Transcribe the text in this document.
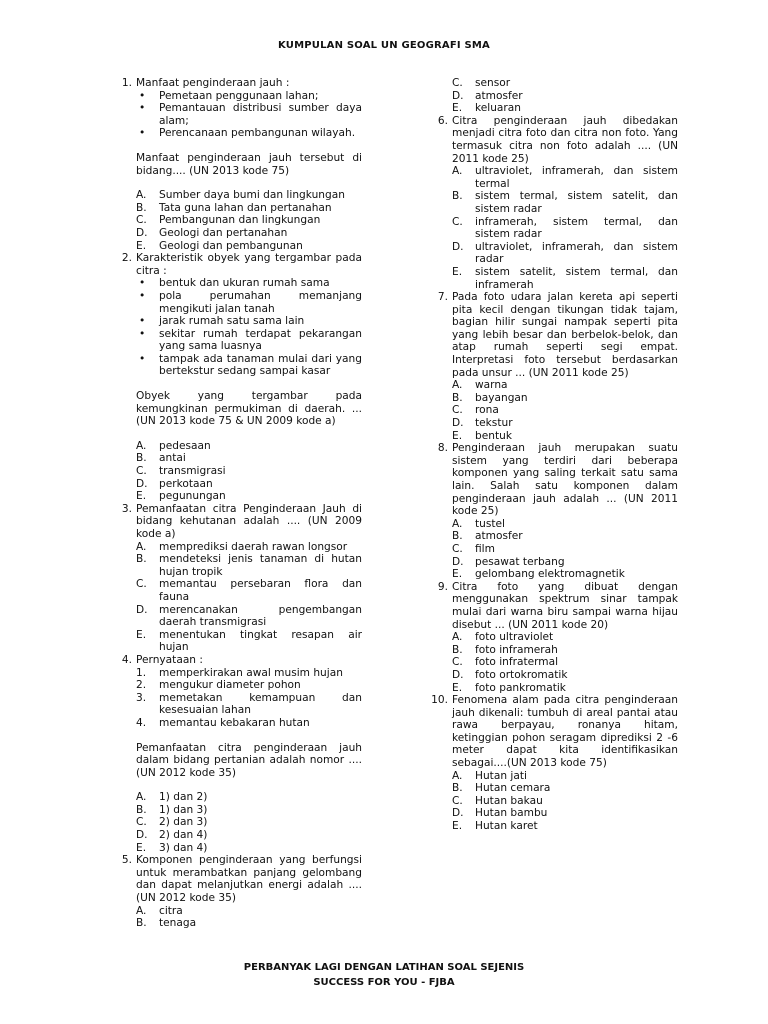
KUMPULAN SOAL UN GEOGRAFI SMA
1. Manfaat penginderaan jauh :
•	Pemetaan penggunaan lahan;
•	Pemantauan distribusi sumber daya alam;
•	Perencanaan pembangunan wilayah.
Manfaat penginderaan jauh tersebut di bidang.... (UN 2013 kode 75)
A.	Sumber daya bumi dan lingkungan
B.	Tata guna lahan dan pertanahan
C.	Pembangunan dan lingkungan
D.	Geologi dan pertanahan
E.	Geologi dan pembangunan
2. Karakteristik obyek yang tergambar pada citra :
•	bentuk dan ukuran rumah sama
•	pola perumahan memanjang mengikuti jalan tanah
•	jarak rumah satu sama lain
•	sekitar rumah terdapat pekarangan yang sama luasnya
•	tampak ada tanaman mulai dari yang bertekstur sedang sampai kasar
Obyek yang tergambar pada kemungkinan permukiman di daerah. ... (UN 2013 kode 75 & UN 2009 kode a)
A.	pedesaan
B.	antai
C.	transmigrasi
D.	perkotaan
E.	pegunungan
3. Pemanfaatan citra Penginderaan Jauh di bidang kehutanan adalah .... (UN 2009 kode a)
A.	memprediksi daerah rawan longsor
B.	mendeteksi jenis tanaman di hutan hujan tropik
C.	memantau persebaran flora dan fauna
D.	merencanakan pengembangan daerah transmigrasi
E.	menentukan tingkat resapan air hujan
4. Pernyataan :
1.	memperkirakan awal musim hujan
2.	mengukur diameter pohon
3.	memetakan kemampuan dan kesesuaian lahan
4.	memantau kebakaran hutan
Pemanfaatan citra penginderaan jauh dalam bidang pertanian adalah nomor .... (UN 2012 kode 35)
A.	1) dan 2)
B.	1) dan 3)
C.	2) dan 3)
D.	2) dan 4)
E.	3) dan 4)
5. Komponen penginderaan yang berfungsi untuk merambatkan panjang gelombang dan dapat melanjutkan energi adalah ....(UN 2012 kode 35)
A.	citra
B.	tenaga
C.	sensor
D.	atmosfer
E.	keluaran
6. Citra penginderaan jauh dibedakan menjadi citra foto dan citra non foto. Yang termasuk citra non foto adalah .... (UN 2011 kode 25)
A.	ultraviolet, inframerah, dan sistem termal
B.	sistem termal, sistem satelit, dan sistem radar
C.	inframerah, sistem termal, dan sistem radar
D.	ultraviolet, inframerah, dan sistem radar
E.	sistem satelit, sistem termal, dan inframerah
7. Pada foto udara jalan kereta api seperti pita kecil dengan tikungan tidak tajam, bagian hilir sungai nampak seperti pita yang lebih besar dan berbelok-belok, dan atap rumah seperti segi empat. Interpretasi foto tersebut berdasarkan pada unsur ... (UN 2011 kode 25)
A.	warna
B.	bayangan
C.	rona
D.	tekstur
E.	bentuk
8. Penginderaan jauh merupakan suatu sistem yang terdiri dari beberapa komponen yang saling terkait satu sama lain. Salah satu komponen dalam penginderaan jauh adalah ... (UN 2011 kode 25)
A.	tustel
B.	atmosfer
C.	film
D.	pesawat terbang
E.	gelombang elektromagnetik
9. Citra foto yang dibuat dengan menggunakan spektrum sinar tampak mulai dari warna biru sampai warna hijau disebut ... (UN 2011 kode 20)
A.	foto ultraviolet
B.	foto inframerah
C.	foto infratermal
D.	foto ortokromatik
E.	foto pankromatik
10. Fenomena alam pada citra penginderaan jauh dikenali: tumbuh di areal pantai atau rawa berpayau, ronanya hitam, ketinggian pohon seragam diprediksi 2 -6 meter dapat kita identifikasikan sebagai....(UN 2013 kode 75)
A.	Hutan jati
B.	Hutan cemara
C.	Hutan bakau
D.	Hutan bambu
E.	Hutan karet
PERBANYAK LAGI DENGAN LATIHAN SOAL SEJENIS
SUCCESS FOR YOU - FJBA
